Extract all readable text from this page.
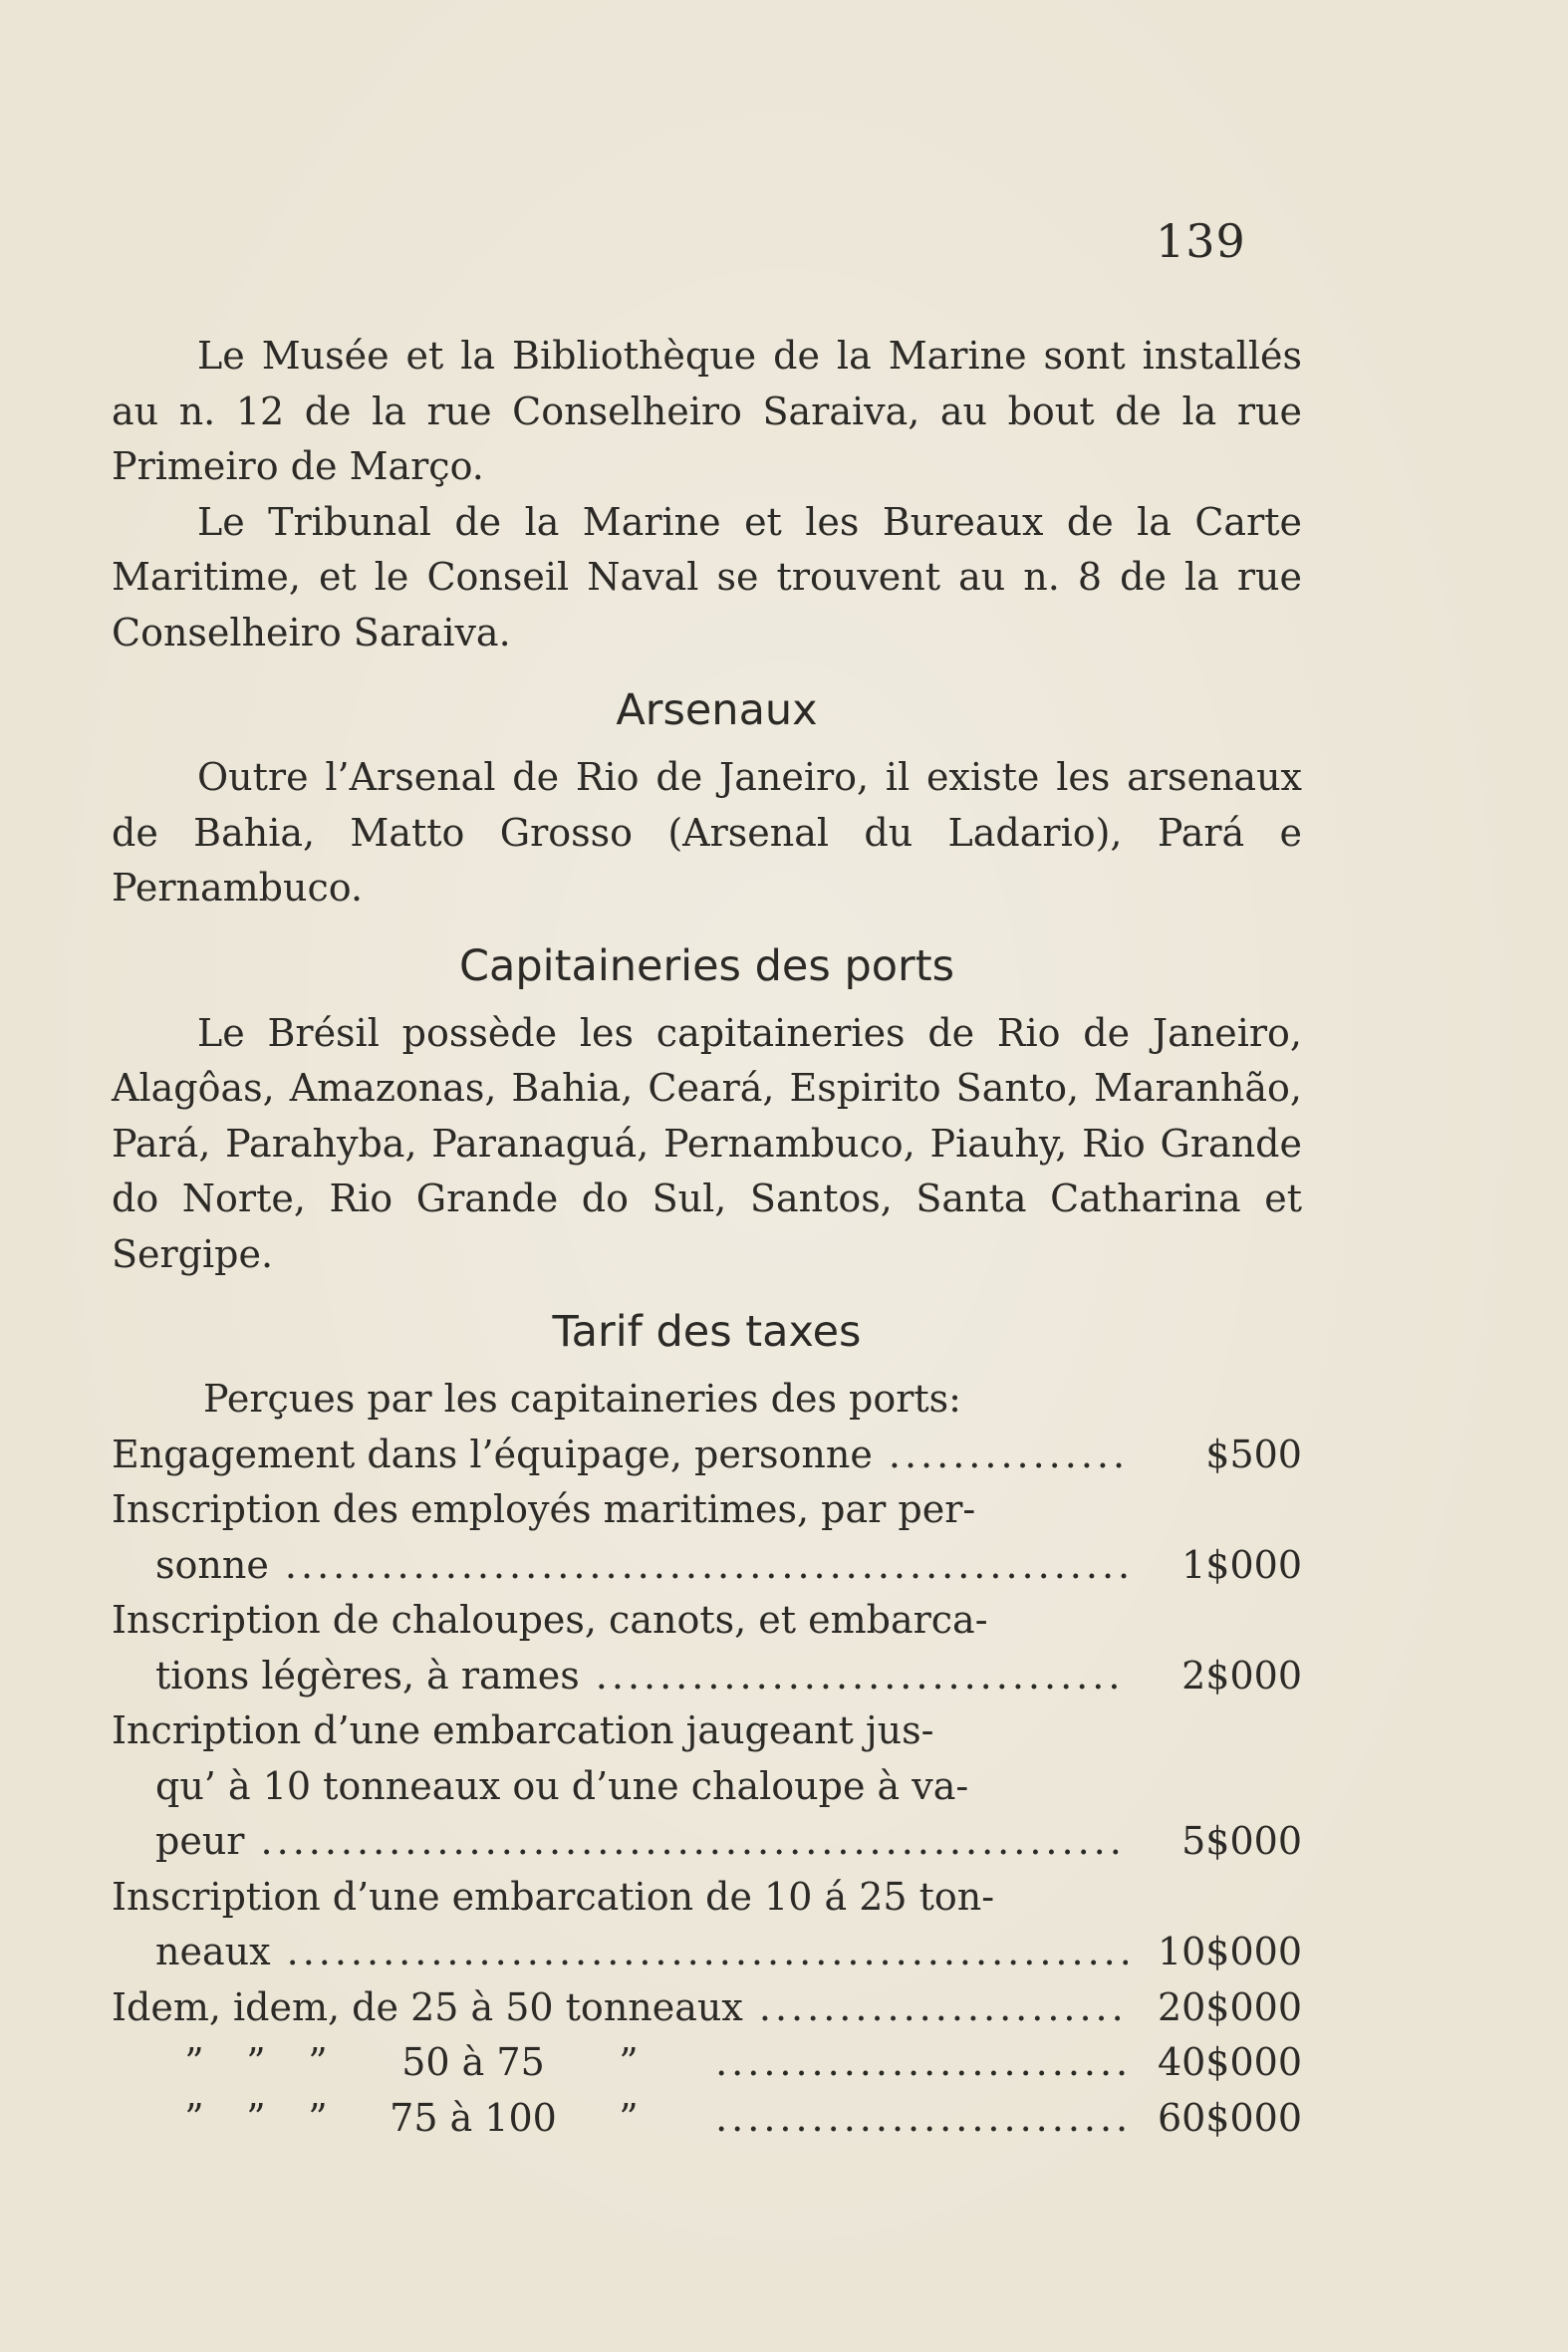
139

Le Musée et la Bibliothèque de la Marine sont installés au n. 12 de la rue Conselheiro Saraiva, au bout de la rue Primeiro de Março.

Le Tribunal de la Marine et les Bureaux de la Carte Maritime, et le Conseil Naval se trouvent au n. 8 de la rue Conselheiro Saraiva.

Arsenaux

Outre l’Arsenal de Rio de Janeiro, il existe les arsenaux de Bahia, Matto Grosso (Arsenal du Ladario), Pará e Pernambuco.

Capitaineries des ports

Le Brésil possède les capitaineries de Rio de Janeiro, Alagôas, Amazonas, Bahia, Ceará, Espirito Santo, Maranhão, Pará, Parahyba, Paranaguá, Pernambuco, Piauhy, Rio Grande do Norte, Rio Grande do Sul, Santos, Santa Catharina et Sergipe.

Tarif des taxes

Perçues par les capitaineries des ports:

Engagement dans l’équipage, personne .....	$500
Inscription des employés maritimes, par per-
sonne .....	1$000
Inscription de chaloupes, canots, et embarca-
tions légères, à rames .....	2$000
Incription d’une embarcation jaugeant jus-
qu’ à 10 tonneaux ou d’une chaloupe à va-
peur .....	5$000
Inscription d’une embarcation de 10 á 25 ton-
neaux .....	10$000
Idem, idem, de 25 à 50 tonneaux .....	20$000
” ” ” 50 à 75 ” .....	40$000
” ” ” 75 à 100 ” .....	60$000
